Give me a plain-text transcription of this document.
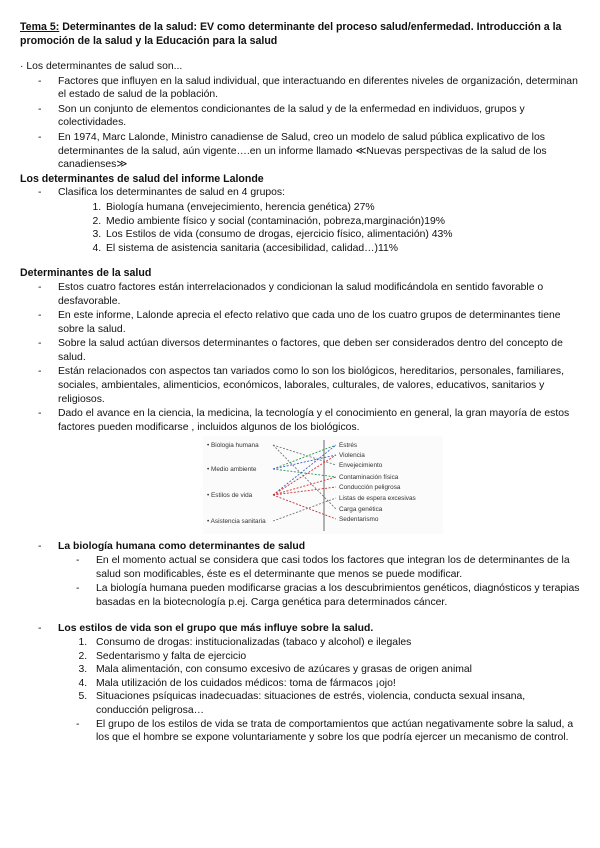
Tema 5: Determinantes de la salud: EV como determinante del proceso salud/enfermedad. Introducción a la promoción de la salud y la Educación para la salud

· Los determinantes de salud son...

- Factores que influyen en la salud individual, que interactuando en diferentes niveles de organización, determinan el estado de salud de la población.
- Son un conjunto de elementos condicionantes de la salud y de la enfermedad en individuos, grupos y colectividades.
- En 1974, Marc Lalonde, Ministro canadiense de Salud, creo un modelo de salud pública explicativo de los determinantes de la salud, aún vigente….en un informe llamado ≪Nuevas perspectivas de la salud de los canadienses≫

Los determinantes de salud del informe Lalonde

- Clasifica los determinantes de salud en 4 grupos:
1. Biología humana (envejecimiento, herencia genética) 27%
2. Medio ambiente físico y social (contaminación, pobreza,marginación)19%
3. Los Estilos de vida (consumo de drogas, ejercicio físico, alimentación) 43%
4. El sistema de asistencia sanitaria (accesibilidad, calidad…)11%

Determinantes de la salud

- Estos cuatro factores están interrelacionados y condicionan la salud modificándola en sentido favorable o desfavorable.
- En este informe, Lalonde aprecia el efecto relativo que cada uno de los cuatro grupos de determinantes tiene sobre la salud.
- Sobre la salud actúan diversos determinantes o factores, que deben ser considerados dentro del concepto de salud.
- Están relacionados con aspectos tan variados como lo son los biológicos, hereditarios, personales, familiares, sociales, ambientales, alimenticios, económicos, laborales, culturales, de valores, educativos, sanitarios y religiosos.
- Dado el avance en la ciencia, la medicina, la tecnología y el conocimiento en general, la gran mayoría de estos factores pueden modificarse , incluidos algunos de los biológicos.
• Biologia humana
• Medio ambiente
• Estilos de vida
• Asistencia sanitaria
Estrés
Violencia
Envejecimiento
Contaminación física
Conducción peligrosa
Listas de espera excesivas
Carga genética
Sedentarismo
- La biología humana como determinantes de salud
- En el momento actual se considera que casi todos los factores que integran los de determinantes de la salud son modificables, éste es el determinante que menos se puede modificar.
- La biología humana pueden modificarse gracias a los descubrimientos genéticos, diagnósticos y terapias basadas en la biotecnología p.ej. Carga genética para determinados cáncer.
- Los estilos de vida son el grupo que más influye sobre la salud.
1. Consumo de drogas: institucionalizadas (tabaco y alcohol) e ilegales
2. Sedentarismo y falta de ejercicio
3. Mala alimentación, con consumo excesivo de azúcares y grasas de origen animal
4. Mala utilización de los cuidados médicos: toma de fármacos ¡ojo!
5. Situaciones psíquicas inadecuadas: situaciones de estrés, violencia, conducta sexual insana, conducción peligrosa…
- El grupo de los estilos de vida se trata de comportamientos que actúan negativamente sobre la salud, a los que el hombre se expone voluntariamente y sobre los que podría ejercer un mecanismo de control.
